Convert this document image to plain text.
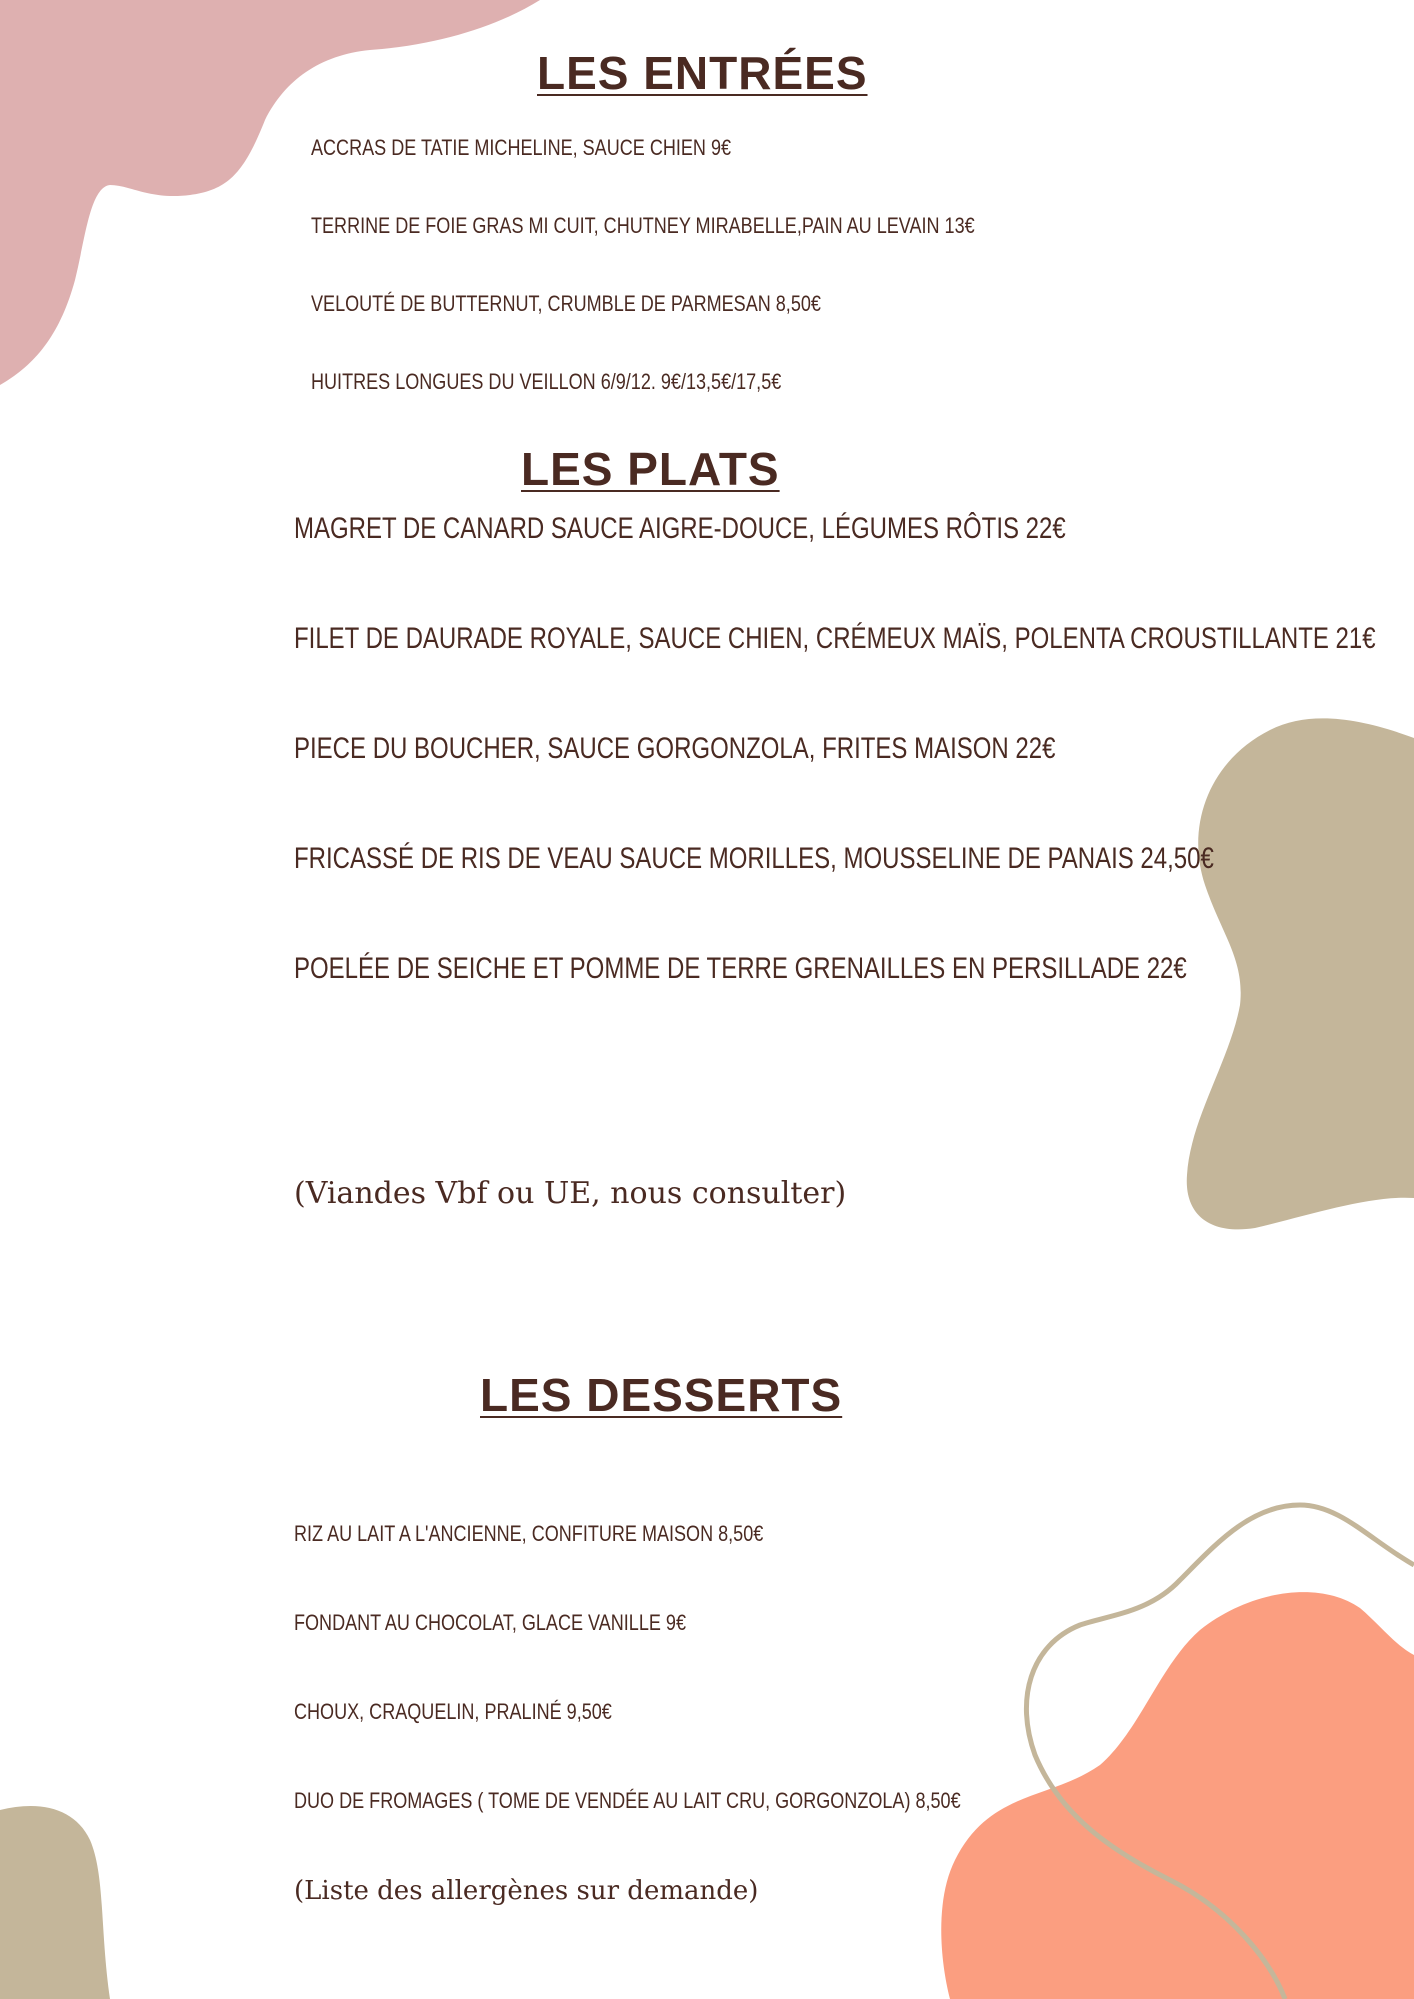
LES ENTRÉES

ACCRAS DE TATIE MICHELINE, SAUCE CHIEN 9€

TERRINE DE FOIE GRAS MI CUIT, CHUTNEY MIRABELLE,PAIN AU LEVAIN 13€

VELOUTÉ DE BUTTERNUT, CRUMBLE DE PARMESAN 8,50€

HUITRES LONGUES DU VEILLON 6/9/12. 9€/13,5€/17,5€

LES PLATS

MAGRET DE CANARD SAUCE AIGRE-DOUCE, LÉGUMES RÔTIS 22€

FILET DE DAURADE ROYALE, SAUCE CHIEN, CRÉMEUX MAÏS, POLENTA CROUSTILLANTE 21€

PIECE DU BOUCHER, SAUCE GORGONZOLA, FRITES MAISON 22€

FRICASSÉ DE RIS DE VEAU SAUCE MORILLES, MOUSSELINE DE PANAIS 24,50€

POELÉE DE SEICHE ET POMME DE TERRE GRENAILLES EN PERSILLADE 22€

(Viandes Vbf ou UE, nous consulter)

LES DESSERTS

RIZ AU LAIT A L'ANCIENNE, CONFITURE MAISON 8,50€

FONDANT AU CHOCOLAT, GLACE VANILLE 9€

CHOUX, CRAQUELIN, PRALINÉ 9,50€

DUO DE FROMAGES ( TOME DE VENDÉE AU LAIT CRU, GORGONZOLA) 8,50€

(Liste des allergènes sur demande)
